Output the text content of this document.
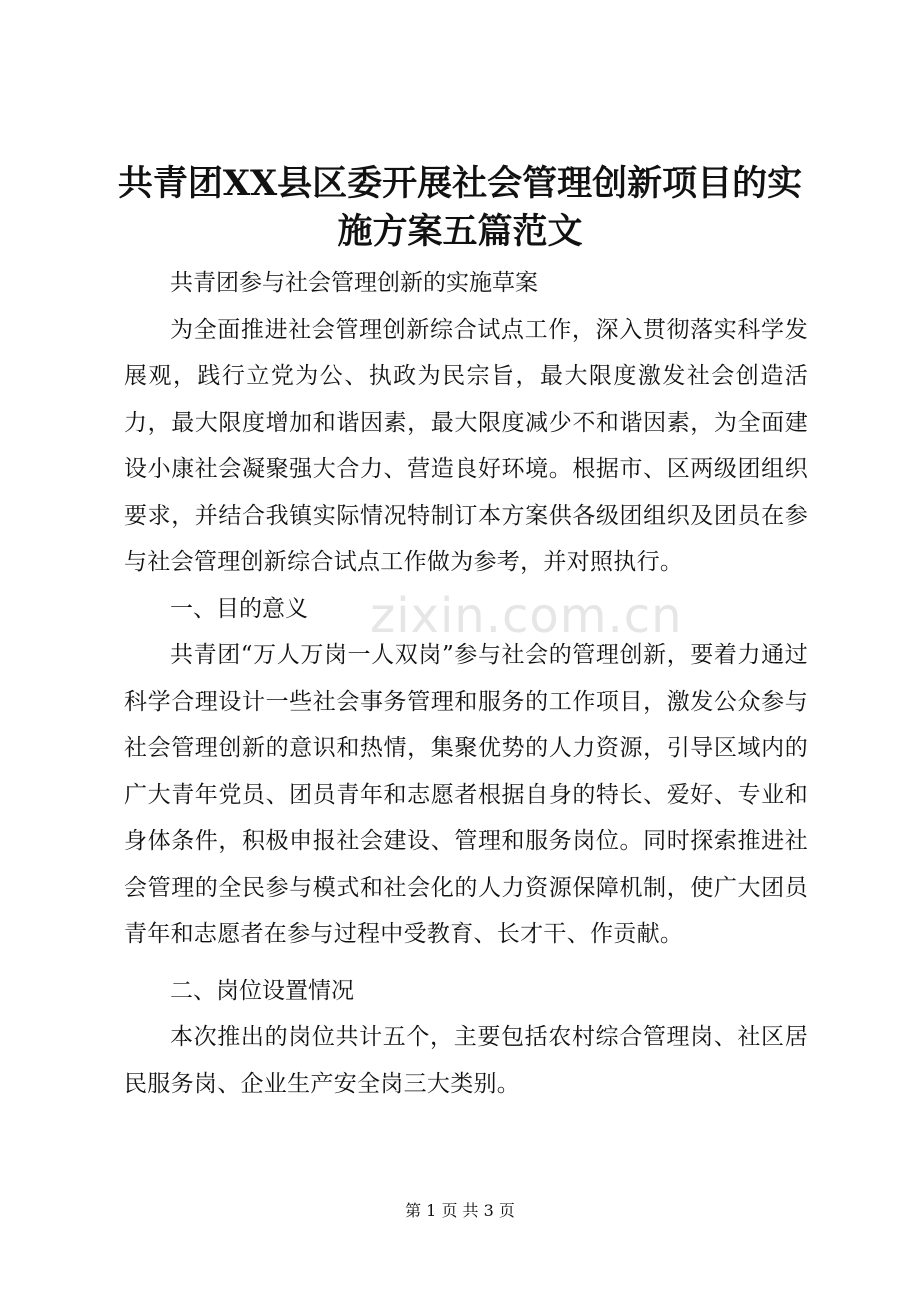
共青团XX县区委开展社会管理创新项目的实
施方案五篇范文

共青团参与社会管理创新的实施草案

为全面推进社会管理创新综合试点工作，深入贯彻落实科学发展观，践行立党为公、执政为民宗旨，最大限度激发社会创造活力，最大限度增加和谐因素，最大限度减少不和谐因素，为全面建设小康社会凝聚强大合力、营造良好环境。根据市、区两级团组织要求，并结合我镇实际情况特制订本方案供各级团组织及团员在参与社会管理创新综合试点工作做为参考，并对照执行。

一、目的意义

共青团“万人万岗一人双岗”参与社会的管理创新，要着力通过科学合理设计一些社会事务管理和服务的工作项目，激发公众参与社会管理创新的意识和热情，集聚优势的人力资源，引导区域内的广大青年党员、团员青年和志愿者根据自身的特长、爱好、专业和身体条件，积极申报社会建设、管理和服务岗位。同时探索推进社会管理的全民参与模式和社会化的人力资源保障机制，使广大团员青年和志愿者在参与过程中受教育、长才干、作贡献。

二、岗位设置情况

本次推出的岗位共计五个，主要包括农村综合管理岗、社区居民服务岗、企业生产安全岗三大类别。

zixin.com.cn
第 1 页 共 3 页
